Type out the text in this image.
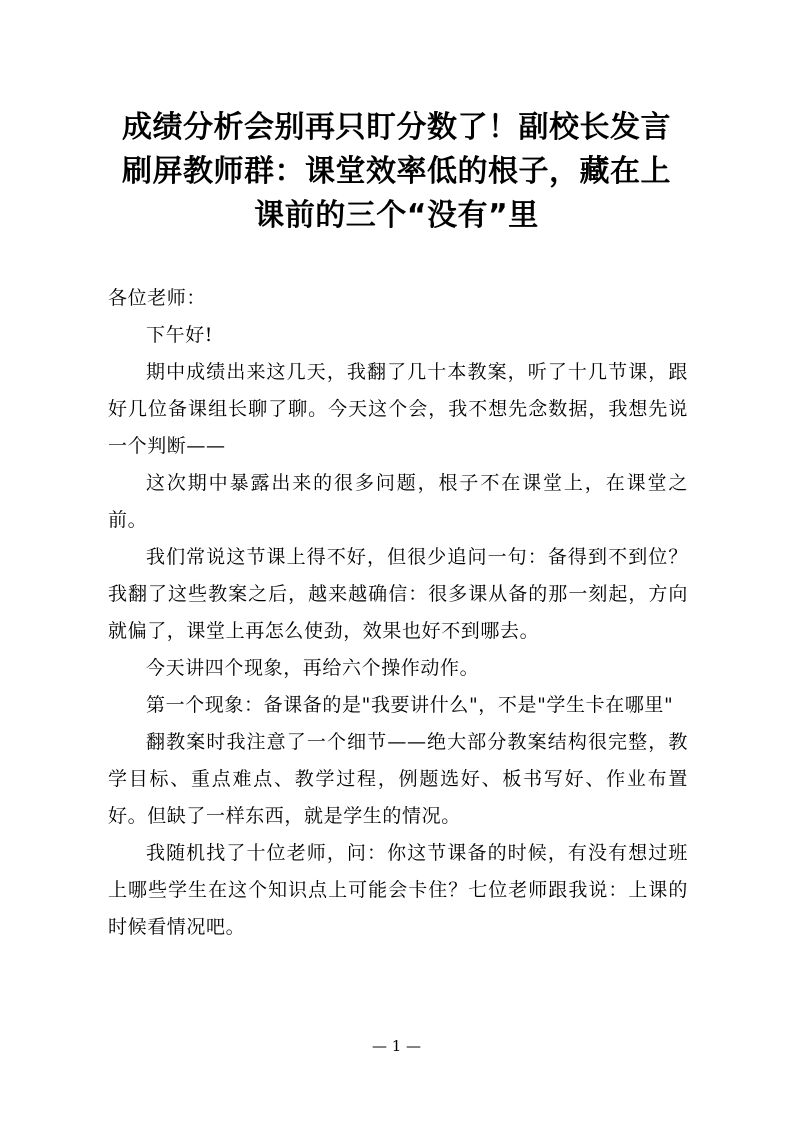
成绩分析会别再只盯分数了！副校长发言
刷屏教师群：课堂效率低的根子，藏在上
课前的三个“没有”里

各位老师：

下午好!

期中成绩出来这几天，我翻了几十本教案，听了十几节课，跟好几位备课组长聊了聊。今天这个会，我不想先念数据，我想先说一个判断——

这次期中暴露出来的很多问题，根子不在课堂上，在课堂之前。

我们常说这节课上得不好，但很少追问一句：备得到不到位？我翻了这些教案之后，越来越确信：很多课从备的那一刻起，方向就偏了，课堂上再怎么使劲，效果也好不到哪去。

今天讲四个现象，再给六个操作动作。

第一个现象：备课备的是"我要讲什么"，不是"学生卡在哪里"

翻教案时我注意了一个细节——绝大部分教案结构很完整，教学目标、重点难点、教学过程，例题选好、板书写好、作业布置好。但缺了一样东西，就是学生的情况。

我随机找了十位老师，问：你这节课备的时候，有没有想过班上哪些学生在这个知识点上可能会卡住？七位老师跟我说：上课的时候看情况吧。

— 1 —
